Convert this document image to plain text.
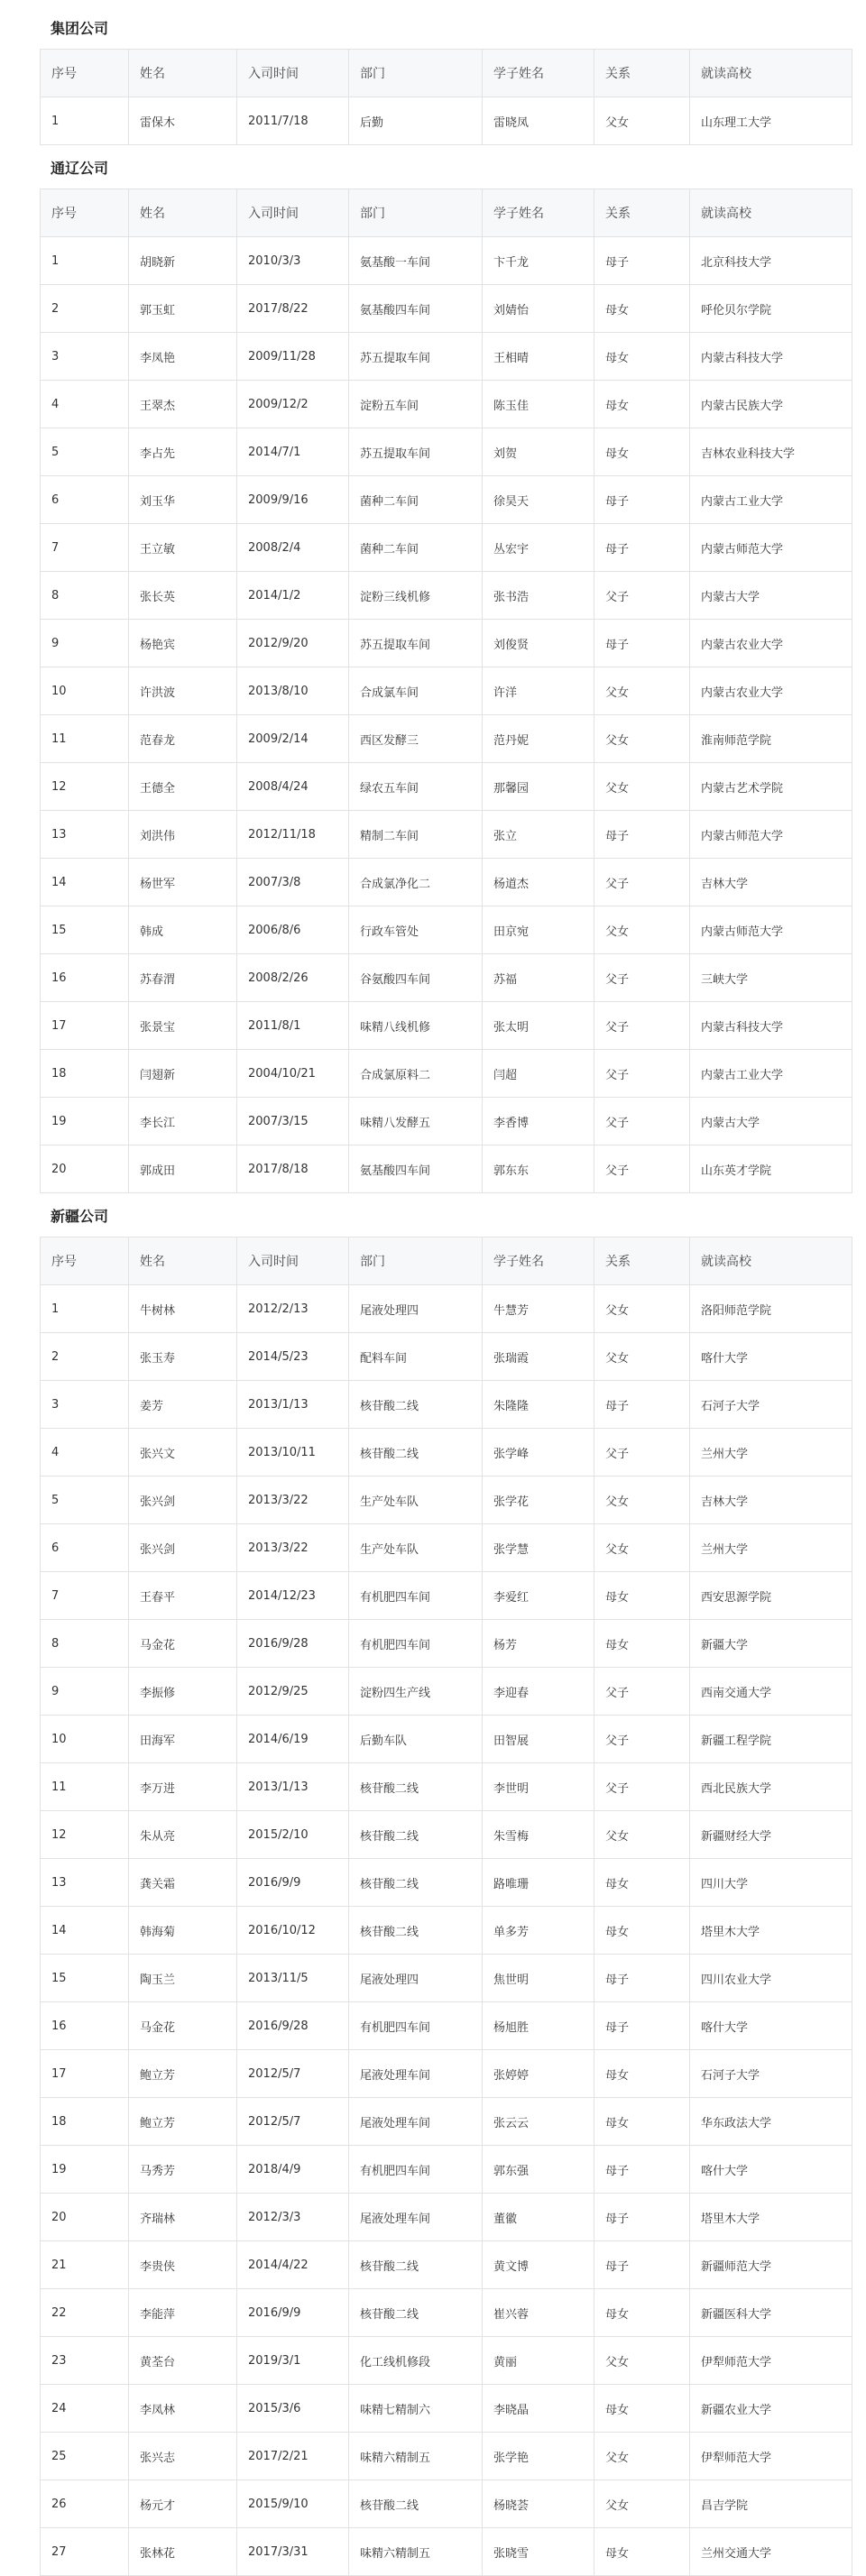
集团公司
序号	姓名	入司时间	部门	学子姓名	关系	就读高校
1	雷保木	2011/7/18	后勤	雷晓凤	父女	山东理工大学
通辽公司
序号	姓名	入司时间	部门	学子姓名	关系	就读高校
1	胡晓新	2010/3/3	氨基酸一车间	卞千龙	母子	北京科技大学
2	郭玉虹	2017/8/22	氨基酸四车间	刘婧怡	母女	呼伦贝尔学院
3	李凤艳	2009/11/28	苏五提取车间	王相晴	母女	内蒙古科技大学
4	王翠杰	2009/12/2	淀粉五车间	陈玉佳	母女	内蒙古民族大学
5	李占先	2014/7/1	苏五提取车间	刘贺	母女	吉林农业科技大学
6	刘玉华	2009/9/16	菌种二车间	徐昊天	母子	内蒙古工业大学
7	王立敏	2008/2/4	菌种二车间	丛宏宇	母子	内蒙古师范大学
8	张长英	2014/1/2	淀粉三线机修	张书浩	父子	内蒙古大学
9	杨艳宾	2012/9/20	苏五提取车间	刘俊贤	母子	内蒙古农业大学
10	许洪波	2013/8/10	合成氯车间	许洋	父女	内蒙古农业大学
11	范春龙	2009/2/14	西区发酵三	范丹妮	父女	淮南师范学院
12	王德全	2008/4/24	绿农五车间	那馨园	父女	内蒙古艺术学院
13	刘洪伟	2012/11/18	精制二车间	张立	母子	内蒙古师范大学
14	杨世军	2007/3/8	合成氯净化二	杨道杰	父子	吉林大学
15	韩成	2006/8/6	行政车管处	田京宛	父女	内蒙古师范大学
16	苏春渭	2008/2/26	谷氨酸四车间	苏福	父子	三峡大学
17	张景宝	2011/8/1	味精八线机修	张太明	父子	内蒙古科技大学
18	闫翅新	2004/10/21	合成氯原料二	闫超	父子	内蒙古工业大学
19	李长江	2007/3/15	味精八发酵五	李香博	父子	内蒙古大学
20	郭成田	2017/8/18	氨基酸四车间	郭东东	父子	山东英才学院
新疆公司
序号	姓名	入司时间	部门	学子姓名	关系	就读高校
1	牛树林	2012/2/13	尾液处理四	牛慧芳	父女	洛阳师范学院
2	张玉寿	2014/5/23	配料车间	张瑞霞	父女	喀什大学
3	姜芳	2013/1/13	核苷酸二线	朱隆隆	母子	石河子大学
4	张兴文	2013/10/11	核苷酸二线	张学峰	父子	兰州大学
5	张兴剑	2013/3/22	生产处车队	张学花	父女	吉林大学
6	张兴剑	2013/3/22	生产处车队	张学慧	父女	兰州大学
7	王春平	2014/12/23	有机肥四车间	李爱红	母女	西安思源学院
8	马金花	2016/9/28	有机肥四车间	杨芳	母女	新疆大学
9	李振修	2012/9/25	淀粉四生产线	李迎春	父子	西南交通大学
10	田海军	2014/6/19	后勤车队	田智展	父子	新疆工程学院
11	李万进	2013/1/13	核苷酸二线	李世明	父子	西北民族大学
12	朱从亮	2015/2/10	核苷酸二线	朱雪梅	父女	新疆财经大学
13	龚关霜	2016/9/9	核苷酸二线	路唯珊	母女	四川大学
14	韩海菊	2016/10/12	核苷酸二线	单多芳	母女	塔里木大学
15	陶玉兰	2013/11/5	尾液处理四	焦世明	母子	四川农业大学
16	马金花	2016/9/28	有机肥四车间	杨旭胜	母子	喀什大学
17	鲍立芳	2012/5/7	尾液处理车间	张婷婷	母女	石河子大学
18	鲍立芳	2012/5/7	尾液处理车间	张云云	母女	华东政法大学
19	马秀芳	2018/4/9	有机肥四车间	郭东强	母子	喀什大学
20	齐瑞林	2012/3/3	尾液处理车间	董徽	母子	塔里木大学
21	李贵侠	2014/4/22	核苷酸二线	黄文博	母子	新疆师范大学
22	李能萍	2016/9/9	核苷酸二线	崔兴蓉	母女	新疆医科大学
23	黄荃台	2019/3/1	化工线机修段	黄丽	父女	伊犁师范大学
24	李凤林	2015/3/6	味精七精制六	李晓晶	母女	新疆农业大学
25	张兴志	2017/2/21	味精六精制五	张学艳	父女	伊犁师范大学
26	杨元才	2015/9/10	核苷酸二线	杨晓荟	父女	昌吉学院
27	张林花	2017/3/31	味精六精制五	张晓雪	母女	兰州交通大学
